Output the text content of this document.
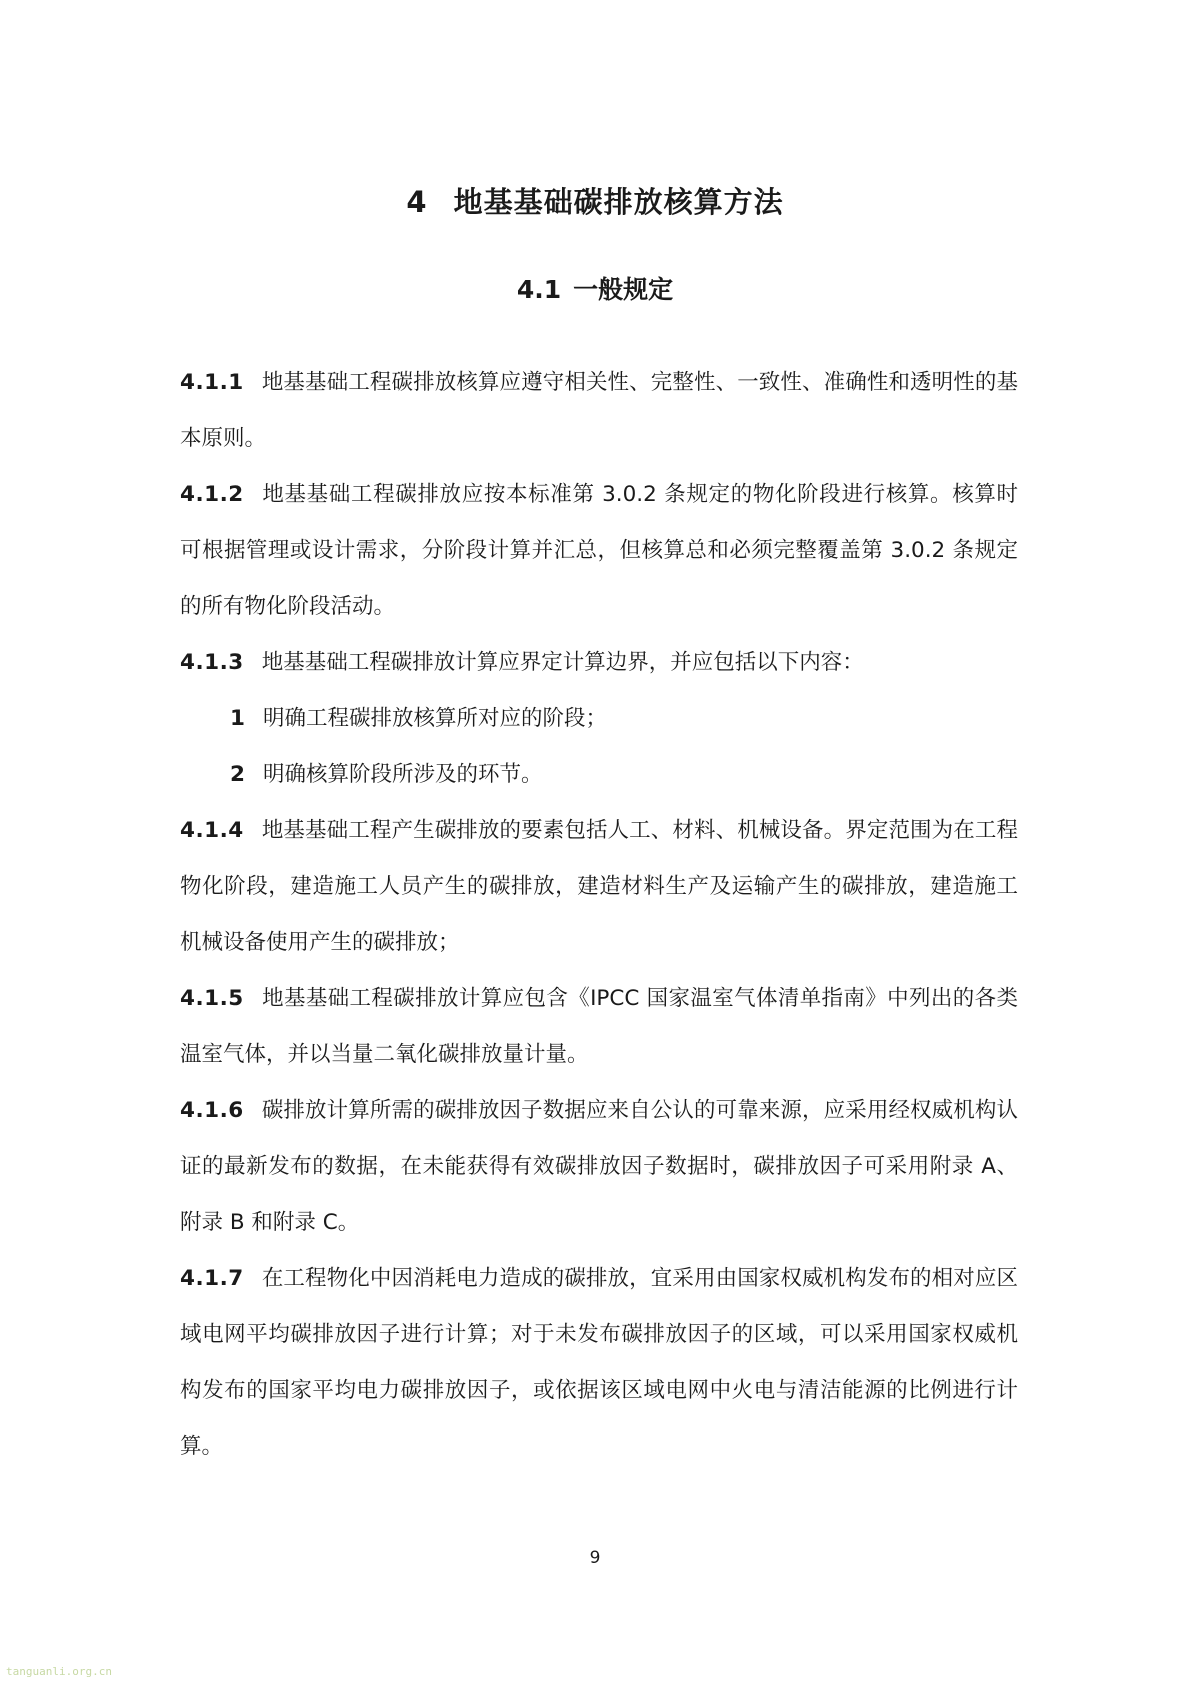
4 地基基础碳排放核算方法
4.1 一般规定

4.1.1 地基基础工程碳排放核算应遵守相关性、完整性、一致性、准确性和透明性的基本原则。

4.1.2 地基基础工程碳排放应按本标准第 3.0.2 条规定的物化阶段进行核算。核算时可根据管理或设计需求，分阶段计算并汇总，但核算总和必须完整覆盖第 3.0.2 条规定的所有物化阶段活动。

4.1.3 地基基础工程碳排放计算应界定计算边界，并应包括以下内容：

1 明确工程碳排放核算所对应的阶段；

2 明确核算阶段所涉及的环节。

4.1.4 地基基础工程产生碳排放的要素包括人工、材料、机械设备。界定范围为在工程物化阶段，建造施工人员产生的碳排放，建造材料生产及运输产生的碳排放，建造施工机械设备使用产生的碳排放；

4.1.5 地基基础工程碳排放计算应包含《IPCC 国家温室气体清单指南》中列出的各类温室气体，并以当量二氧化碳排放量计量。

4.1.6 碳排放计算所需的碳排放因子数据应来自公认的可靠来源，应采用经权威机构认证的最新发布的数据，在未能获得有效碳排放因子数据时，碳排放因子可采用附录 A、附录 B 和附录 C。

4.1.7 在工程物化中因消耗电力造成的碳排放，宜采用由国家权威机构发布的相对应区域电网平均碳排放因子进行计算；对于未发布碳排放因子的区域，可以采用国家权威机构发布的国家平均电力碳排放因子，或依据该区域电网中火电与清洁能源的比例进行计算。

9
tanguanli.org.cn
